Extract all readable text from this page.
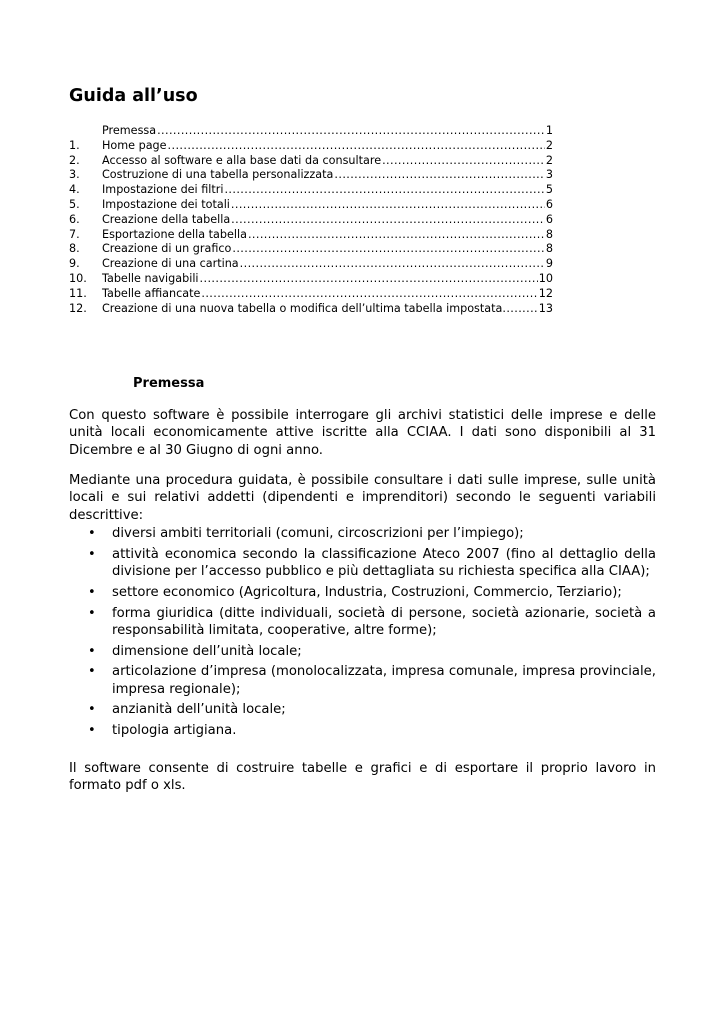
Guida all’uso
Premessa .....	1
1.	Home page .....	2
2.	Accesso al software e alla base dati da consultare .....	2
3.	Costruzione di una tabella personalizzata .....	3
4.	Impostazione dei filtri .....	5
5.	Impostazione dei totali .....	6
6.	Creazione della tabella .....	6
7.	Esportazione della tabella .....	8
8.	Creazione di un grafico .....	8
9.	Creazione di una cartina .....	9
10.	Tabelle navigabili .....	10
11.	Tabelle affiancate .....	12
12.	Creazione di una nuova tabella o modifica dell’ultima tabella impostata .....	13
Premessa

Con questo software è possibile interrogare gli archivi statistici delle imprese e delle unità locali economicamente attive iscritte alla CCIAA. I dati sono disponibili al 31 Dicembre e al 30 Giugno di ogni anno.

Mediante una procedura guidata, è possibile consultare i dati sulle imprese, sulle unità locali e sui relativi addetti (dipendenti e imprenditori) secondo le seguenti variabili descrittive:

• diversi ambiti territoriali (comuni, circoscrizioni per l’impiego);
• attività economica secondo la classificazione Ateco 2007 (fino al dettaglio della divisione per l’accesso pubblico e più dettagliata su richiesta specifica alla CIAA);
• settore economico (Agricoltura, Industria, Costruzioni, Commercio, Terziario);
• forma giuridica (ditte individuali, società di persone, società azionarie, società a responsabilità limitata, cooperative, altre forme);
• dimensione dell’unità locale;
• articolazione d’impresa (monolocalizzata, impresa comunale, impresa provinciale, impresa regionale);
• anzianità dell’unità locale;
• tipologia artigiana.

Il software consente di costruire tabelle e grafici e di esportare il proprio lavoro in formato pdf o xls.
